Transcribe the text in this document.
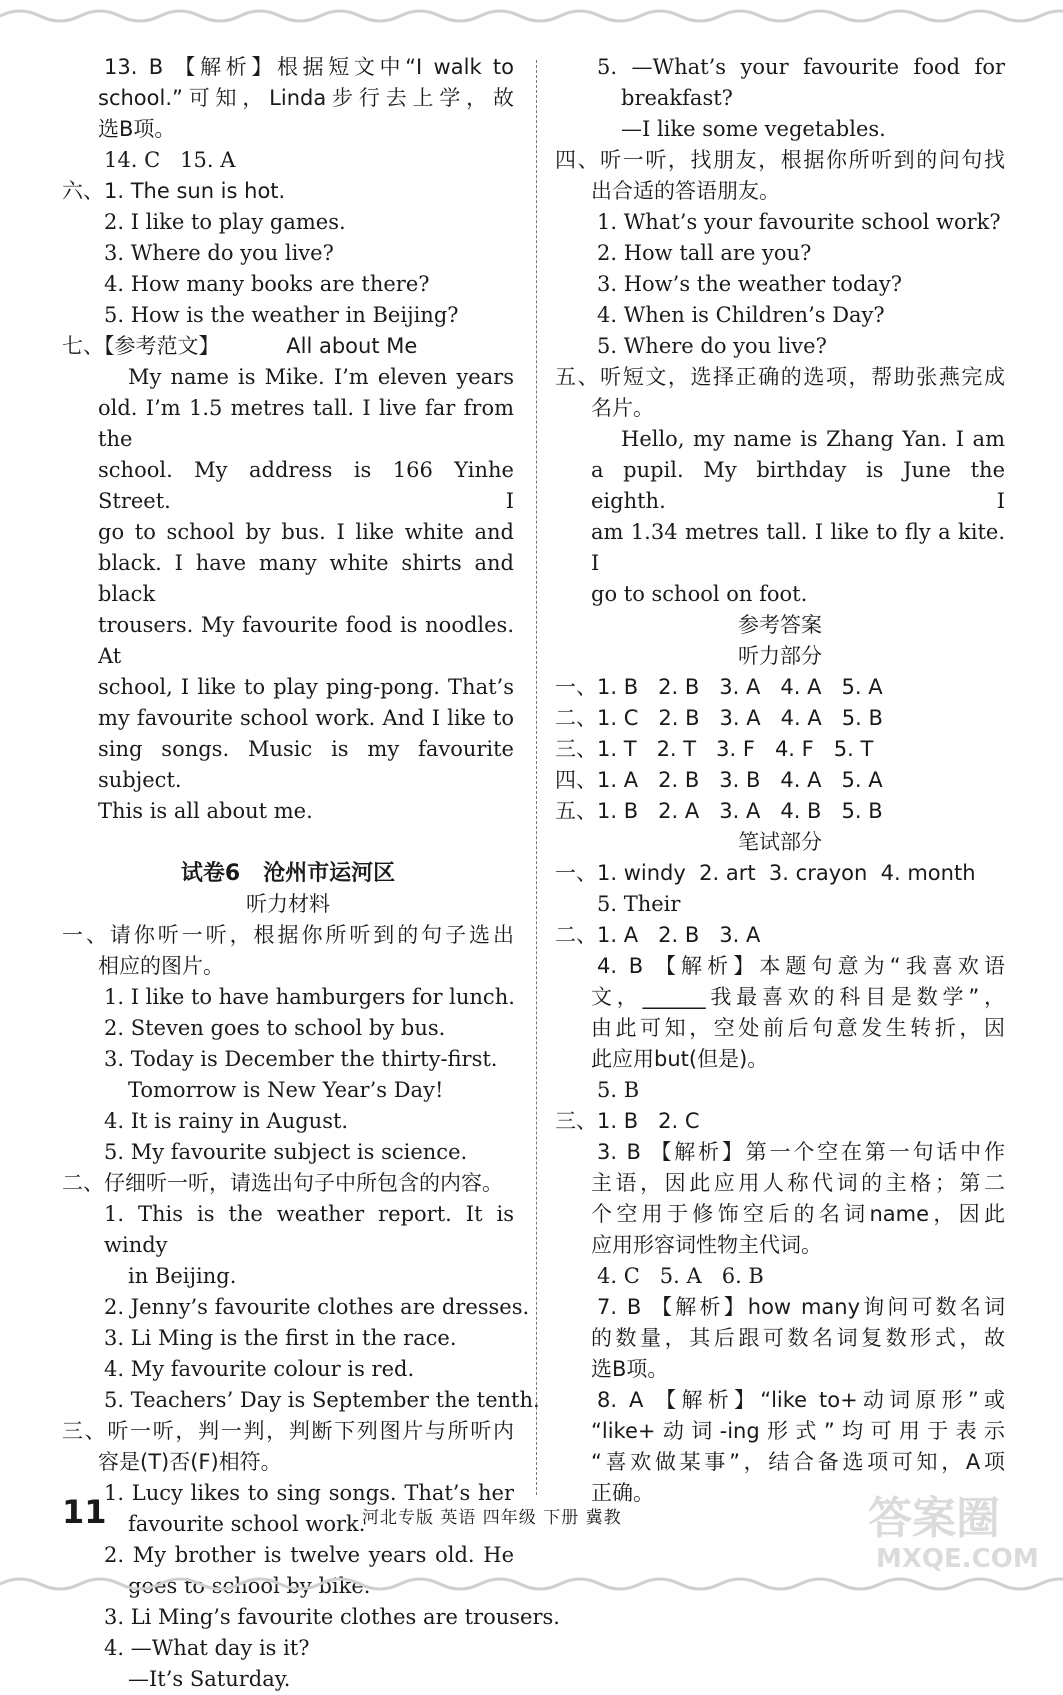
13. B 【解析】根据短文中“I walk to
school.”可知，Linda步行去上学，故
选B项。
14. C   15. A
六、1. The sun is hot.
2. I like to play games.
3. Where do you live?
4. How many books are there?
5. How is the weather in Beijing?
七、【参考范文】          All about Me
My name is Mike. I’m eleven years
old. I’m 1.5 metres tall. I live far from the
school. My address is 166 Yinhe Street. I
go to school by bus. I like white and
black. I have many white shirts and black
trousers. My favourite food is noodles. At
school, I like to play ping-pong. That’s
my favourite school work. And I like to
sing songs. Music is my favourite subject.
This is all about me.

试卷6   沧州市运河区
听力材料
一、请你听一听，根据你所听到的句子选出
相应的图片。
1. I like to have hamburgers for lunch.
2. Steven goes to school by bus.
3. Today is December the thirty-first.
Tomorrow is New Year’s Day!
4. It is rainy in August.
5. My favourite subject is science.
二、仔细听一听，请选出句子中所包含的内容。
1. This is the weather report. It is windy
in Beijing.
2. Jenny’s favourite clothes are dresses.
3. Li Ming is the first in the race.
4. My favourite colour is red.
5. Teachers’ Day is September the tenth.
三、听一听，判一判，判断下列图片与所听内
容是(T)否(F)相符。
1. Lucy likes to sing songs. That’s her
favourite school work.
2. My brother is twelve years old. He
goes to school by bike.
3. Li Ming’s favourite clothes are trousers.
4. —What day is it?
—It’s Saturday.
5. —What’s your favourite food for
breakfast?
—I like some vegetables.
四、听一听，找朋友，根据你所听到的问句找
出合适的答语朋友。
1. What’s your favourite school work?
2. How tall are you?
3. How’s the weather today?
4. When is Children’s Day?
5. Where do you live?
五、听短文，选择正确的选项，帮助张燕完成
名片。
Hello, my name is Zhang Yan. I am
a pupil. My birthday is June the eighth. I
am 1.34 metres tall. I like to fly a kite. I
go to school on foot.
参考答案
听力部分
一、1. B   2. B   3. A   4. A   5. A
二、1. C   2. B   3. A   4. A   5. B
三、1. T   2. T   3. F   4. F   5. T
四、1. A   2. B   3. B   4. A   5. A
五、1. B   2. A   3. A   4. B   5. B
笔试部分
一、1. windy  2. art  3. crayon  4. month
5. Their
二、1. A   2. B   3. A
4. B 【解析】本题句意为“我喜欢语
文，______我最喜欢的科目是数学”，
由此可知，空处前后句意发生转折，因
此应用but(但是)。
5. B
三、1. B   2. C
3. B 【解析】第一个空在第一句话中作
主语，因此应用人称代词的主格；第二
个空用于修饰空后的名词name，因此
应用形容词性物主代词。
4. C   5. A   6. B
7. B 【解析】how many询问可数名词
的数量，其后跟可数名词复数形式，故
选B项。
8. A 【解析】“like to+动词原形”或
“like+动词-ing形式”均可用于表示
“喜欢做某事”，结合备选项可知，A项
正确。
11	河北专版 英语 四年级 下册 冀教	答案圈
MXQE.COM
